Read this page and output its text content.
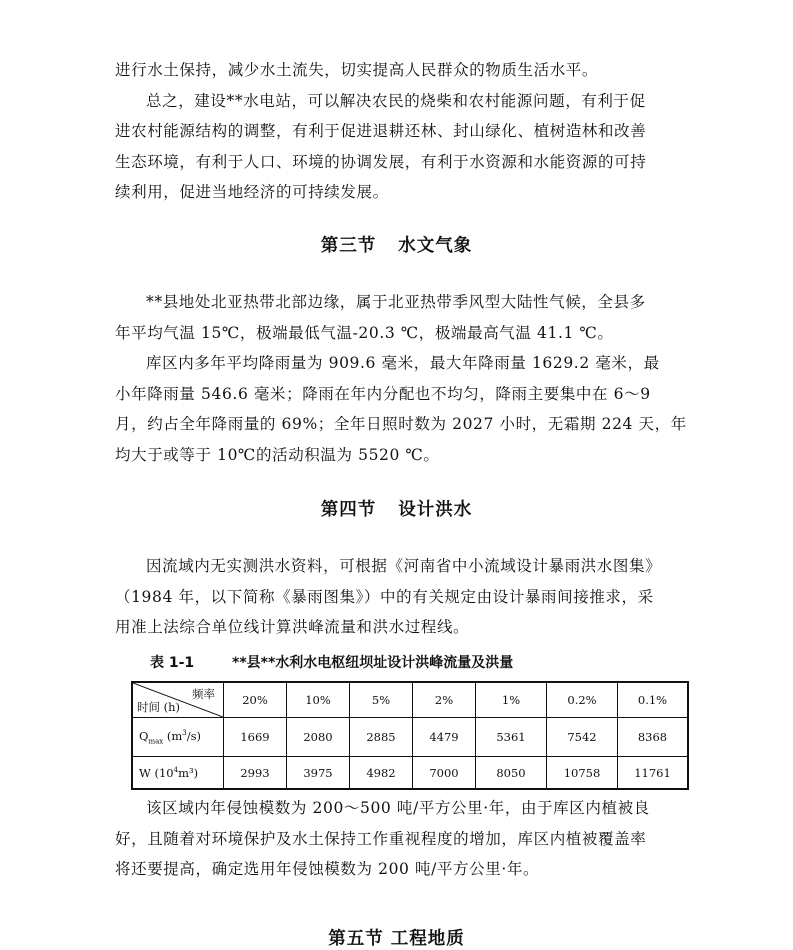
进行水土保持，减少水土流失，切实提高人民群众的物质生活水平。
总之，建设**水电站，可以解决农民的烧柴和农村能源问题，有利于促
进农村能源结构的调整，有利于促进退耕还林、封山绿化、植树造林和改善
生态环境，有利于人口、环境的协调发展，有利于水资源和水能资源的可持
续利用，促进当地经济的可持续发展。
第三节 水文气象
**县地处北亚热带北部边缘，属于北亚热带季风型大陆性气候，全县多
年平均气温 15℃，极端最低气温-20.3 ℃，极端最高气温 41.1 ℃。
库区内多年平均降雨量为 909.6 毫米，最大年降雨量 1629.2 毫米，最
小年降雨量 546.6 毫米；降雨在年内分配也不均匀，降雨主要集中在 6～9
月，约占全年降雨量的 69%；全年日照时数为 2027 小时，无霜期 224 天，年
均大于或等于 10℃的活动积温为 5520 ℃。
第四节 设计洪水
因流域内无实测洪水资料，可根据《河南省中小流域设计暴雨洪水图集》
（1984 年，以下简称《暴雨图集》）中的有关规定由设计暴雨间接推求，采
用准上法综合单位线计算洪峰流量和洪水过程线。
表 1-1	**县**水利水电枢纽坝址设计洪峰流量及洪量
频率
时间 (h)	20%	10%	5%	2%	1%	0.2%	0.1%
$Q_{max}$ $(m^3/s)$	1669	2080	2885	4479	5361	7542	8368
W $(10^4m^3)$	2993	3975	4982	7000	8050	10758	11761
该区域内年侵蚀模数为 200～500 吨/平方公里·年，由于库区内植被良
好，且随着对环境保护及水土保持工作重视程度的增加，库区内植被覆盖率
将还要提高，确定选用年侵蚀模数为 200 吨/平方公里·年。
第五节 工程地质
